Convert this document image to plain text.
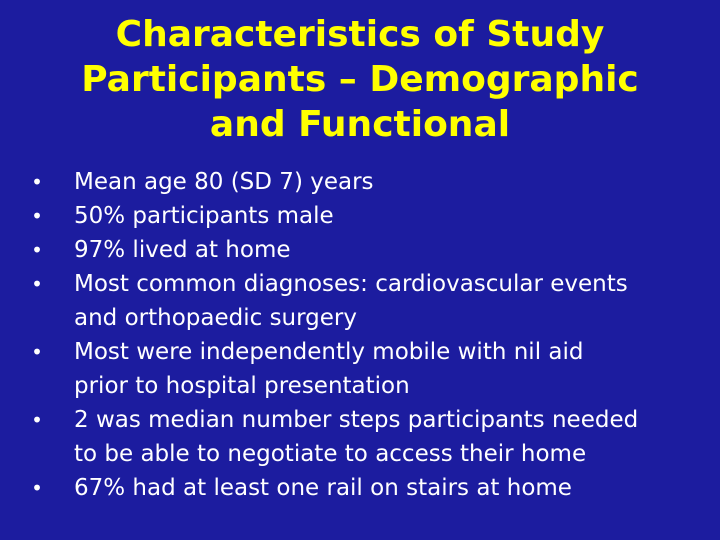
Characteristics of Study
Participants – Demographic
and Functional
• Mean age 80 (SD 7) years
• 50% participants male
• 97% lived at home
• Most common diagnoses: cardiovascular events
and orthopaedic surgery
• Most were independently mobile with nil aid
prior to hospital presentation
• 2 was median number steps participants needed
to be able to negotiate to access their home
• 67% had at least one rail on stairs at home
